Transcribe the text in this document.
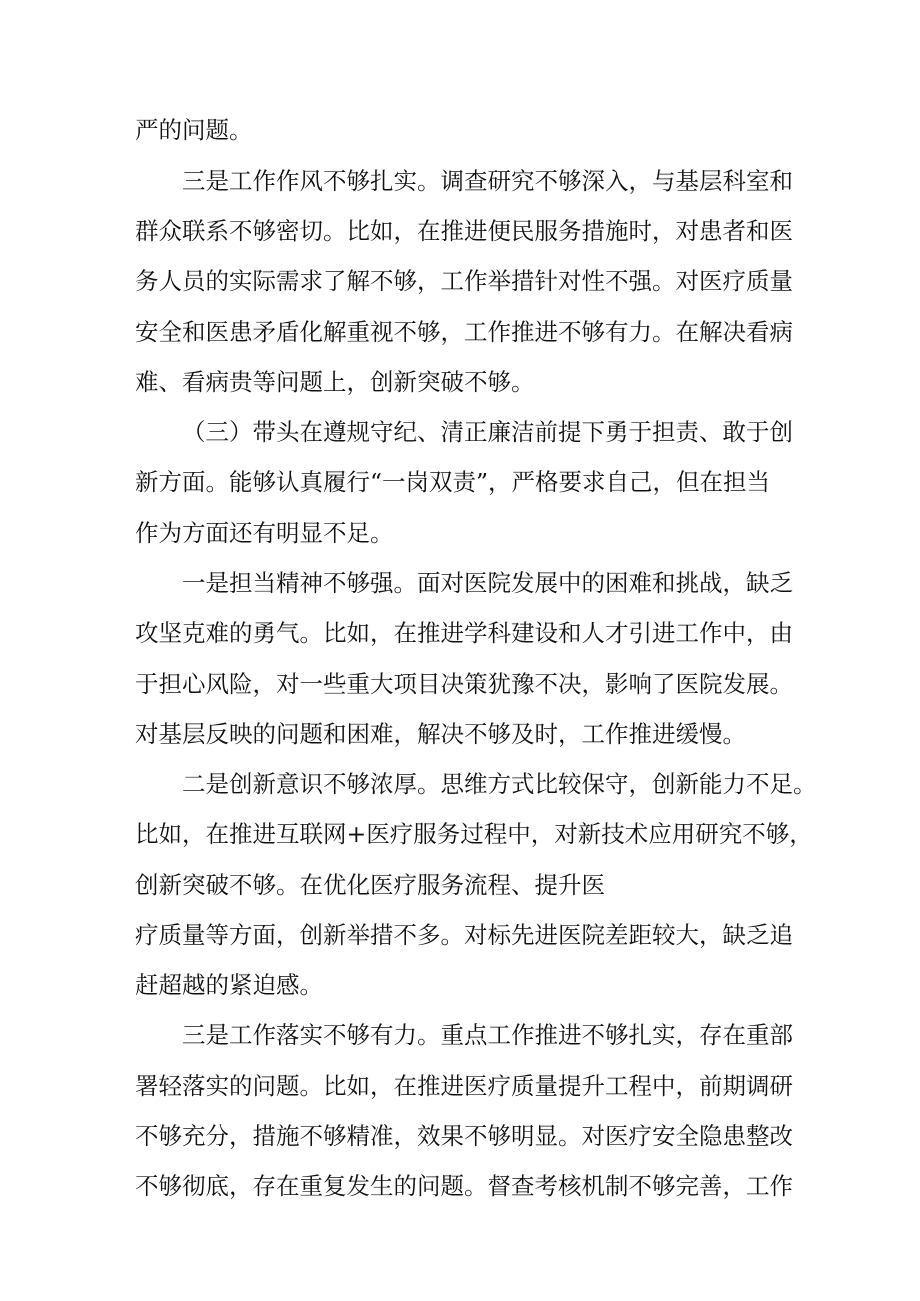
严的问题。
三是工作作风不够扎实。调查研究不够深入，与基层科室和
群众联系不够密切。比如，在推进便民服务措施时，对患者和医
务人员的实际需求了解不够，工作举措针对性不强。对医疗质量
安全和医患矛盾化解重视不够，工作推进不够有力。在解决看病
难、看病贵等问题上，创新突破不够。
（三）带头在遵规守纪、清正廉洁前提下勇于担责、敢于创
新方面。能够认真履行“一岗双责”，严格要求自己，但在担当
作为方面还有明显不足。
一是担当精神不够强。面对医院发展中的困难和挑战，缺乏
攻坚克难的勇气。比如，在推进学科建设和人才引进工作中，由
于担心风险，对一些重大项目决策犹豫不决，影响了医院发展。
对基层反映的问题和困难，解决不够及时，工作推进缓慢。
二是创新意识不够浓厚。思维方式比较保守，创新能力不足。
比如，在推进互联网+医疗服务过程中，对新技术应用研究不够，
创新突破不够。在优化医疗服务流程、提升医
疗质量等方面，创新举措不多。对标先进医院差距较大，缺乏追
赶超越的紧迫感。
三是工作落实不够有力。重点工作推进不够扎实，存在重部
署轻落实的问题。比如，在推进医疗质量提升工程中，前期调研
不够充分，措施不够精准，效果不够明显。对医疗安全隐患整改
不够彻底，存在重复发生的问题。督查考核机制不够完善，工作
